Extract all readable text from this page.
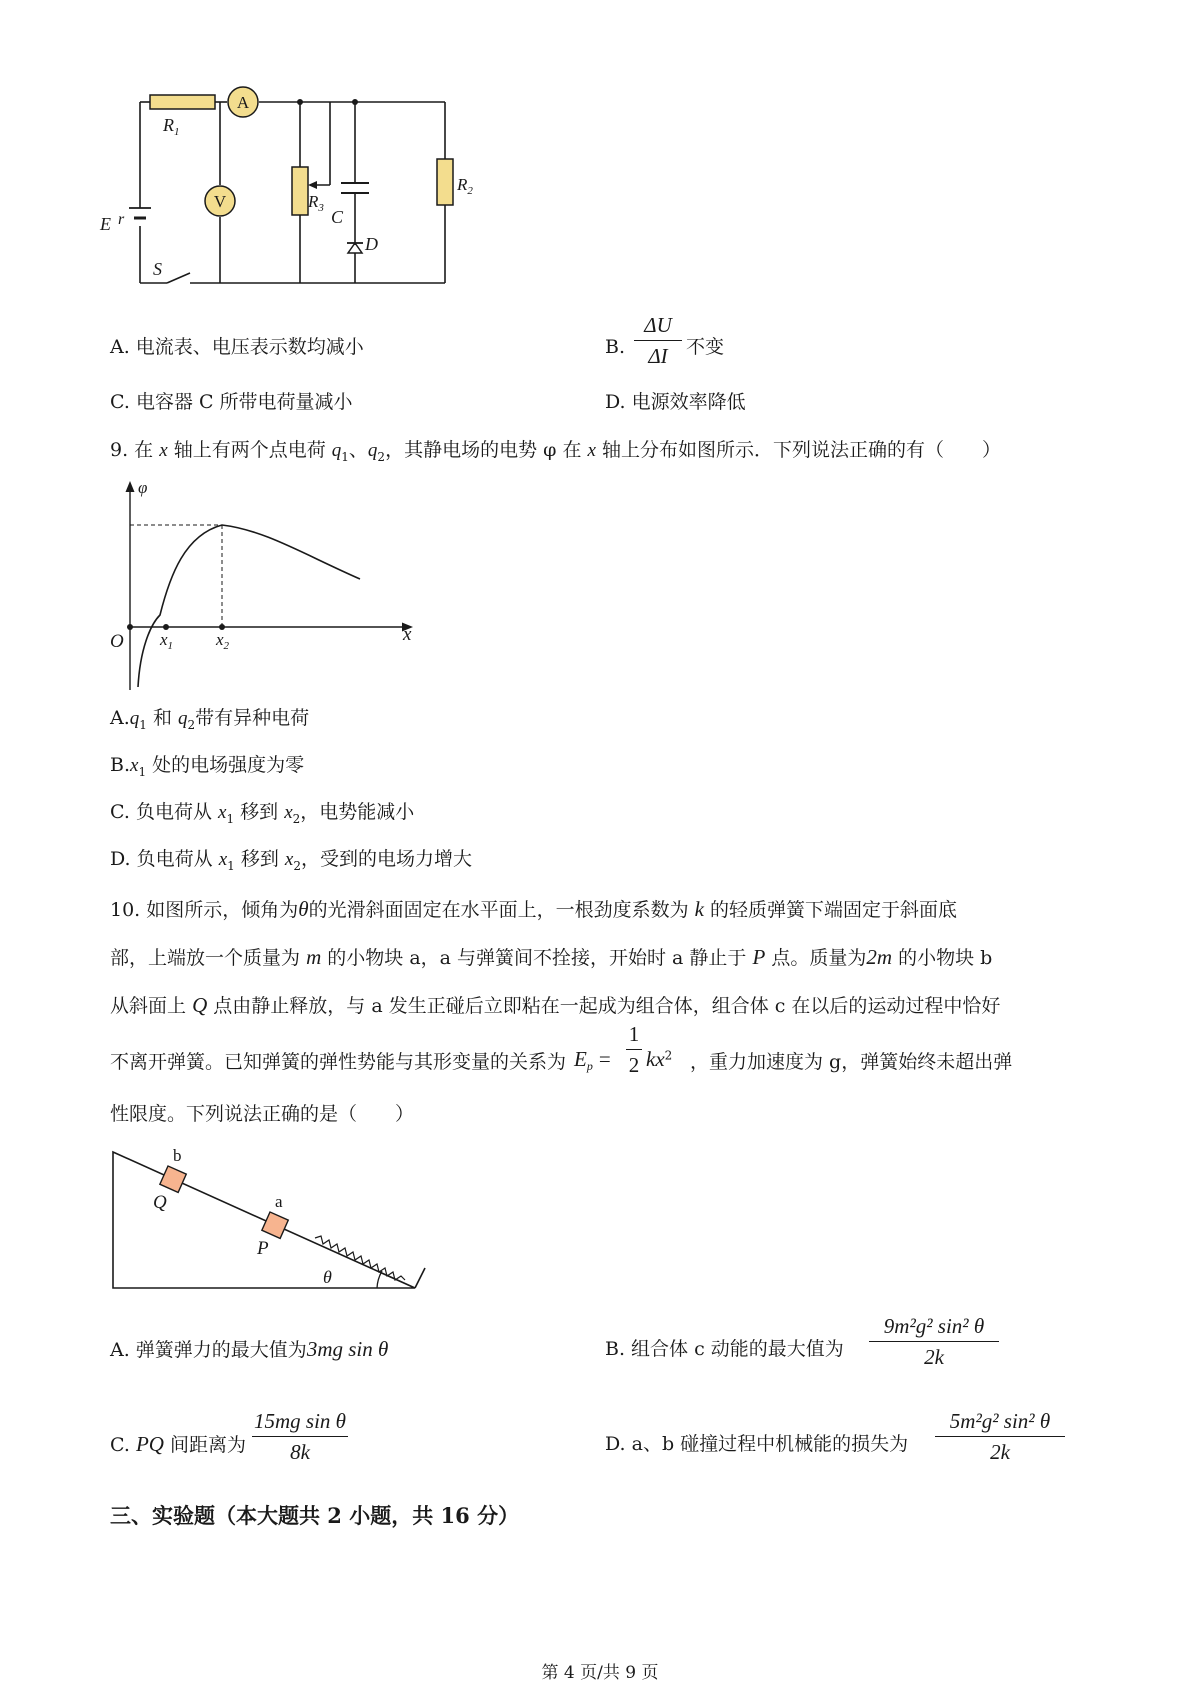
A
V
$R_1$
E r
S
$R_3$ C
D
$R_2$
A. 电流表、电压表示数均减小	B.
ΔU
ΔI 不变
C. 电容器 C 所带电荷量减小	D. 电源效率降低
9. 在 x 轴上有两个点电荷 $q_1$、$q_2$，其静电场的电势 φ 在 x 轴上分布如图所示．下列说法正确的有（　　）
φ
O	x
$x_1$	$x_2$
$A.q_1$ 和 $q_2$带有异种电荷
$B.x_1$ 处的电场强度为零
C. 负电荷从 $x_1$ 移到 $x_2$，电势能减小
D. 负电荷从 $x_1$ 移到 $x_2$，受到的电场力增大
10. 如图所示，倾角为θ的光滑斜面固定在水平面上，一根劲度系数为 k 的轻质弹簧下端固定于斜面底
部，上端放一个质量为 m 的小物块 a，a 与弹簧间不拴接，开始时 a 静止于 P 点。质量为2m 的小物块 b
从斜面上 Q 点由静止释放，与 a 发生正碰后立即粘在一起成为组合体，组合体 c 在以后的运动过程中恰好
不离开弹簧。已知弹簧的弹性势能与其形变量的关系为 $E_p$ =
1
2 $kx^2$ ，重力加速度为 g，弹簧始终未超出弹
性限度。下列说法正确的是（　　）
b
Q	a
P
θ
A. 弹簧弹力的最大值为3mg sin θ	B. 组合体 c 动能的最大值为
9m²g² sin² θ
2k
C. PQ 间距离为
15mg sin θ
8k	D. a、b 碰撞过程中机械能的损失为
5m²g² sin² θ
2k
三、实验题（本大题共 2 小题，共 16 分）
第 4 页/共 9 页
